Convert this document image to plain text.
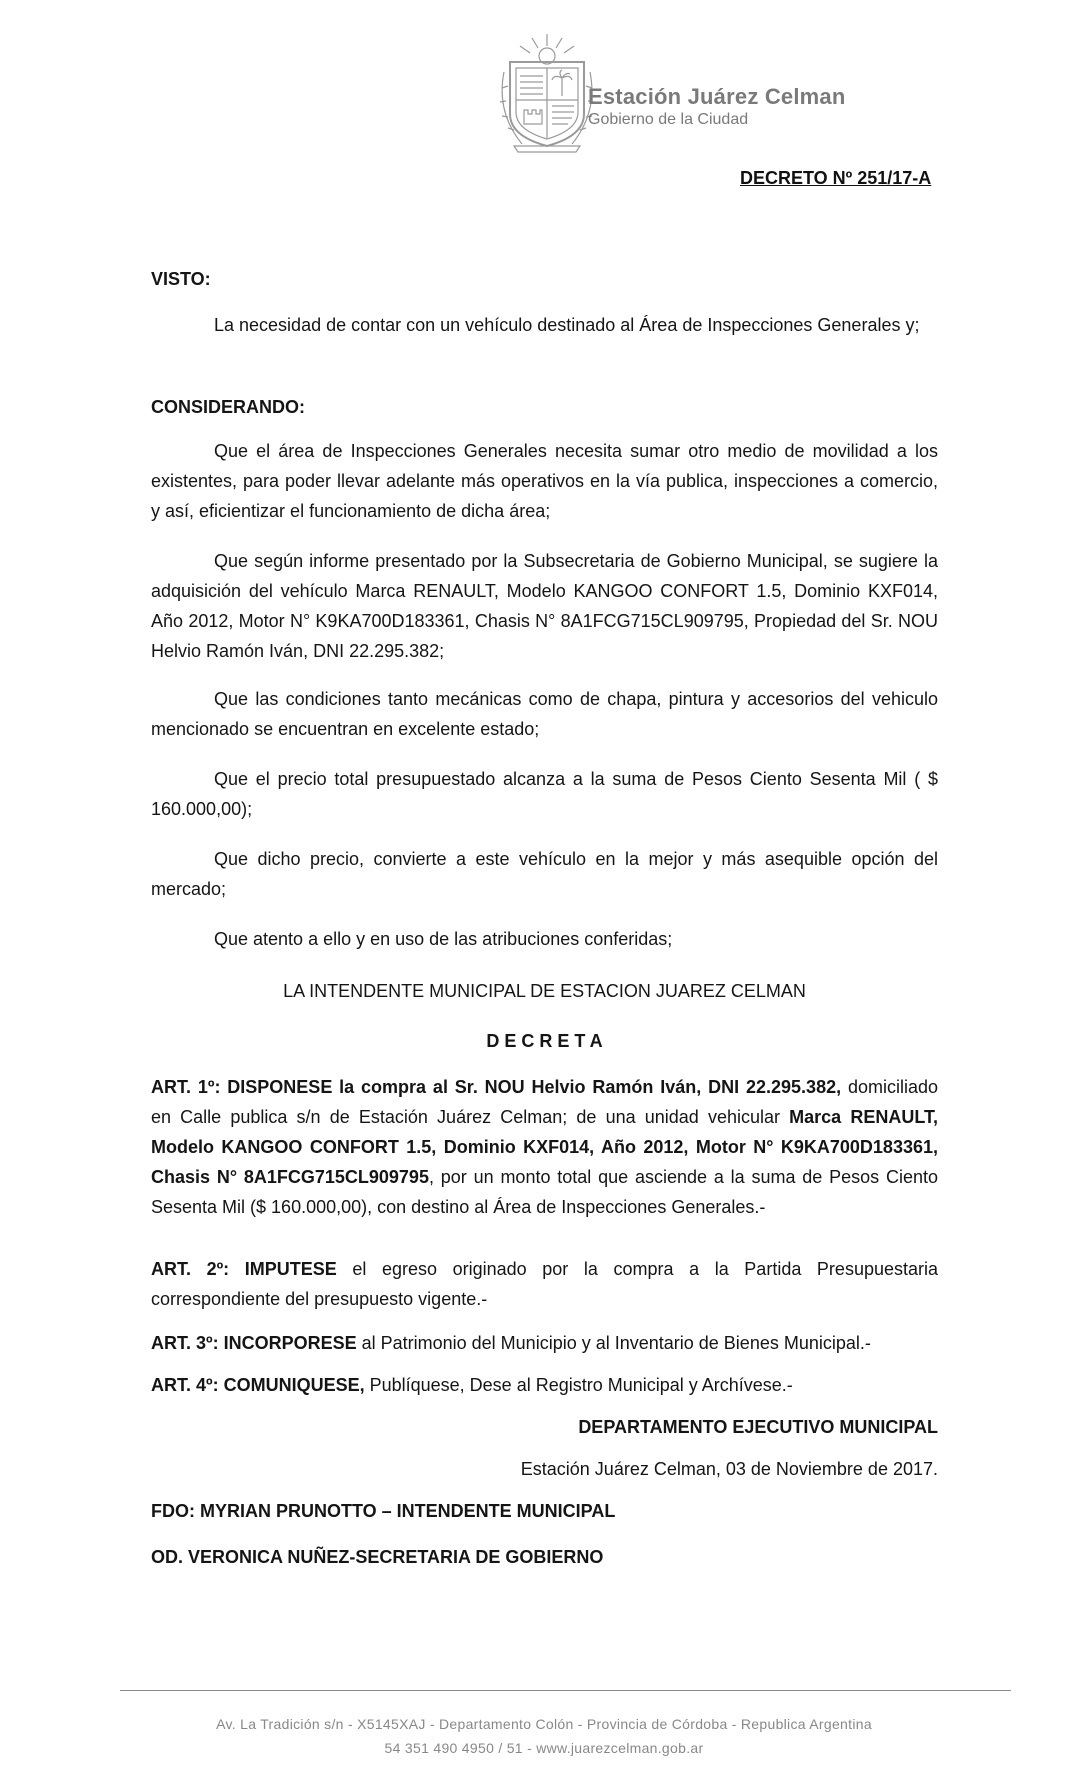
Estación Juárez Celman
Gobierno de la Ciudad
DECRETO Nº 251/17-A
VISTO:
La necesidad de contar con un vehículo destinado al Área de Inspecciones Generales y;
CONSIDERANDO:
Que el área de Inspecciones Generales necesita sumar otro medio de movilidad a los existentes, para poder llevar adelante más operativos en la vía publica, inspecciones a comercio, y así, eficientizar el funcionamiento de dicha área;
Que según informe presentado por la Subsecretaria de Gobierno Municipal, se sugiere la adquisición del vehículo Marca RENAULT, Modelo KANGOO CONFORT 1.5, Dominio KXF014, Año 2012, Motor N° K9KA700D183361, Chasis N° 8A1FCG715CL909795, Propiedad del Sr. NOU Helvio Ramón Iván, DNI 22.295.382;
Que las condiciones tanto mecánicas como de chapa, pintura y accesorios del vehiculo mencionado se encuentran en excelente estado;
Que el precio total presupuestado alcanza a la suma de Pesos Ciento Sesenta Mil ( $ 160.000,00);
Que dicho precio, convierte a este vehículo en la mejor y más asequible opción del mercado;
Que atento a ello y en uso de las atribuciones conferidas;
LA INTENDENTE MUNICIPAL DE ESTACION JUAREZ CELMAN
D E C R E T A
ART. 1º: DISPONESE la compra al Sr. NOU Helvio Ramón Iván, DNI 22.295.382, domiciliado en Calle publica s/n de Estación Juárez Celman; de una unidad vehicular Marca RENAULT, Modelo KANGOO CONFORT 1.5, Dominio KXF014, Año 2012, Motor N° K9KA700D183361, Chasis N° 8A1FCG715CL909795, por un monto total que asciende a la suma de Pesos Ciento Sesenta Mil ($ 160.000,00), con destino al Área de Inspecciones Generales.-
ART. 2º: IMPUTESE el egreso originado por la compra a la Partida Presupuestaria correspondiente del presupuesto vigente.-
ART. 3º: INCORPORESE al Patrimonio del Municipio y al Inventario de Bienes Municipal.-
ART. 4º: COMUNIQUESE, Publíquese, Dese al Registro Municipal y Archívese.-
DEPARTAMENTO EJECUTIVO MUNICIPAL
Estación Juárez Celman, 03 de Noviembre de 2017.
FDO: MYRIAN PRUNOTTO – INTENDENTE MUNICIPAL
OD. VERONICA NUÑEZ-SECRETARIA DE GOBIERNO
Av. La Tradición s/n - X5145XAJ - Departamento Colón - Provincia de Córdoba - Republica Argentina
54 351 490 4950 / 51 - www.juarezcelman.gob.ar
